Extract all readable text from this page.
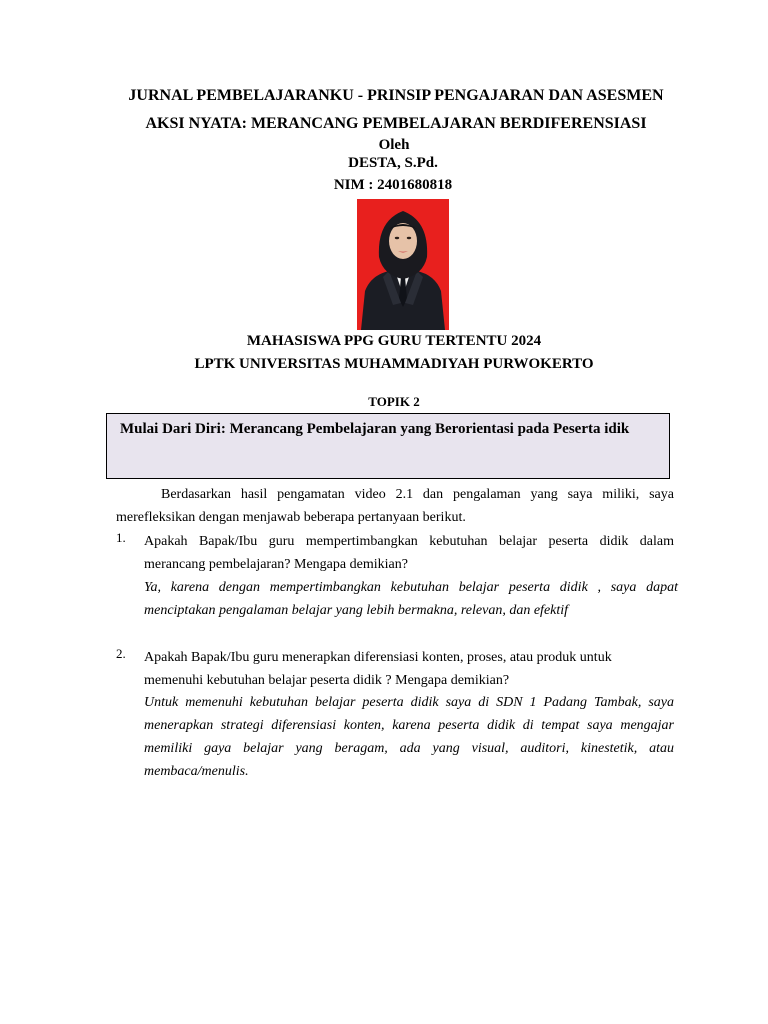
JURNAL PEMBELAJARANKU - PRINSIP PENGAJARAN DAN ASESMEN
AKSI NYATA: MERANCANG PEMBELAJARAN BERDIFERENSIASI
Oleh
DESTA, S.Pd.
NIM : 2401680818
MAHASISWA PPG GURU TERTENTU 2024
LPTK UNIVERSITAS MUHAMMADIYAH PURWOKERTO
TOPIK 2
Mulai Dari Diri: Merancang Pembelajaran yang Berorientasi pada Peserta idik
Berdasarkan hasil pengamatan video 2.1 dan pengalaman yang saya miliki, saya merefleksikan dengan menjawab beberapa pertanyaan berikut.
1. Apakah Bapak/Ibu guru mempertimbangkan kebutuhan belajar peserta didik dalam merancang pembelajaran? Mengapa demikian?
Ya, karena dengan mempertimbangkan kebutuhan belajar peserta didik , saya dapat menciptakan pengalaman belajar yang lebih bermakna, relevan, dan efektif
2. Apakah Bapak/Ibu guru menerapkan diferensiasi konten, proses, atau produk untuk memenuhi kebutuhan belajar peserta didik ? Mengapa demikian?
Untuk memenuhi kebutuhan belajar peserta didik saya di SDN 1 Padang Tambak, saya menerapkan strategi diferensiasi konten, karena peserta didik di tempat saya mengajar memiliki gaya belajar yang beragam, ada yang visual, auditori, kinestetik, atau membaca/menulis.
